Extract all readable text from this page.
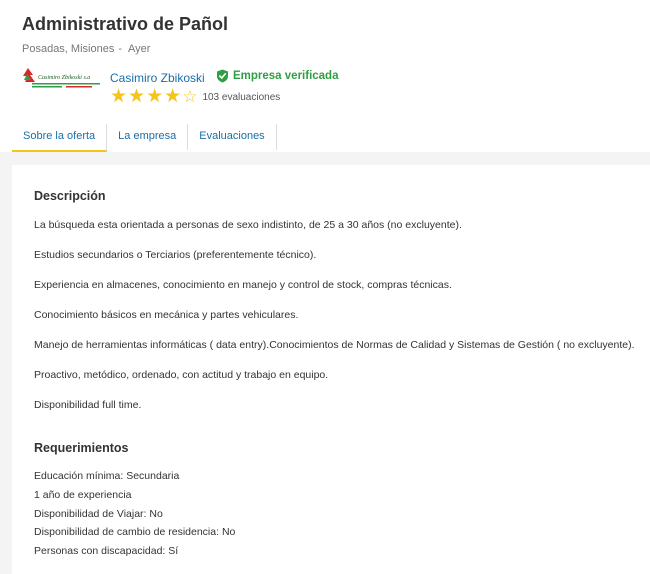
Administrativo de Pañol
Posadas, Misiones - Ayer
Casimiro Zbikoski s.a Casimiro Zbikoski Empresa verificada
★ ★ ★ ★ ☆ 103 evaluaciones
Sobre la oferta	La empresa	Evaluaciones
Descripción
La búsqueda esta orientada a personas de sexo indistinto, de 25 a 30 años (no excluyente).
Estudios secundarios o Terciarios (preferentemente técnico).
Experiencia en almacenes, conocimiento en manejo y control de stock, compras técnicas.
Conocimiento básicos en mecánica y partes vehiculares.
Manejo de herramientas informáticas ( data entry).Conocimientos de Normas de Calidad y Sistemas de Gestión ( no excluyente).
Proactivo, metódico, ordenado, con actitud y trabajo en equipo.
Disponibilidad full time.
Requerimientos
Educación mínima: Secundaria
1 año de experiencia
Disponibilidad de Viajar: No
Disponibilidad de cambio de residencia: No
Personas con discapacidad: Sí
